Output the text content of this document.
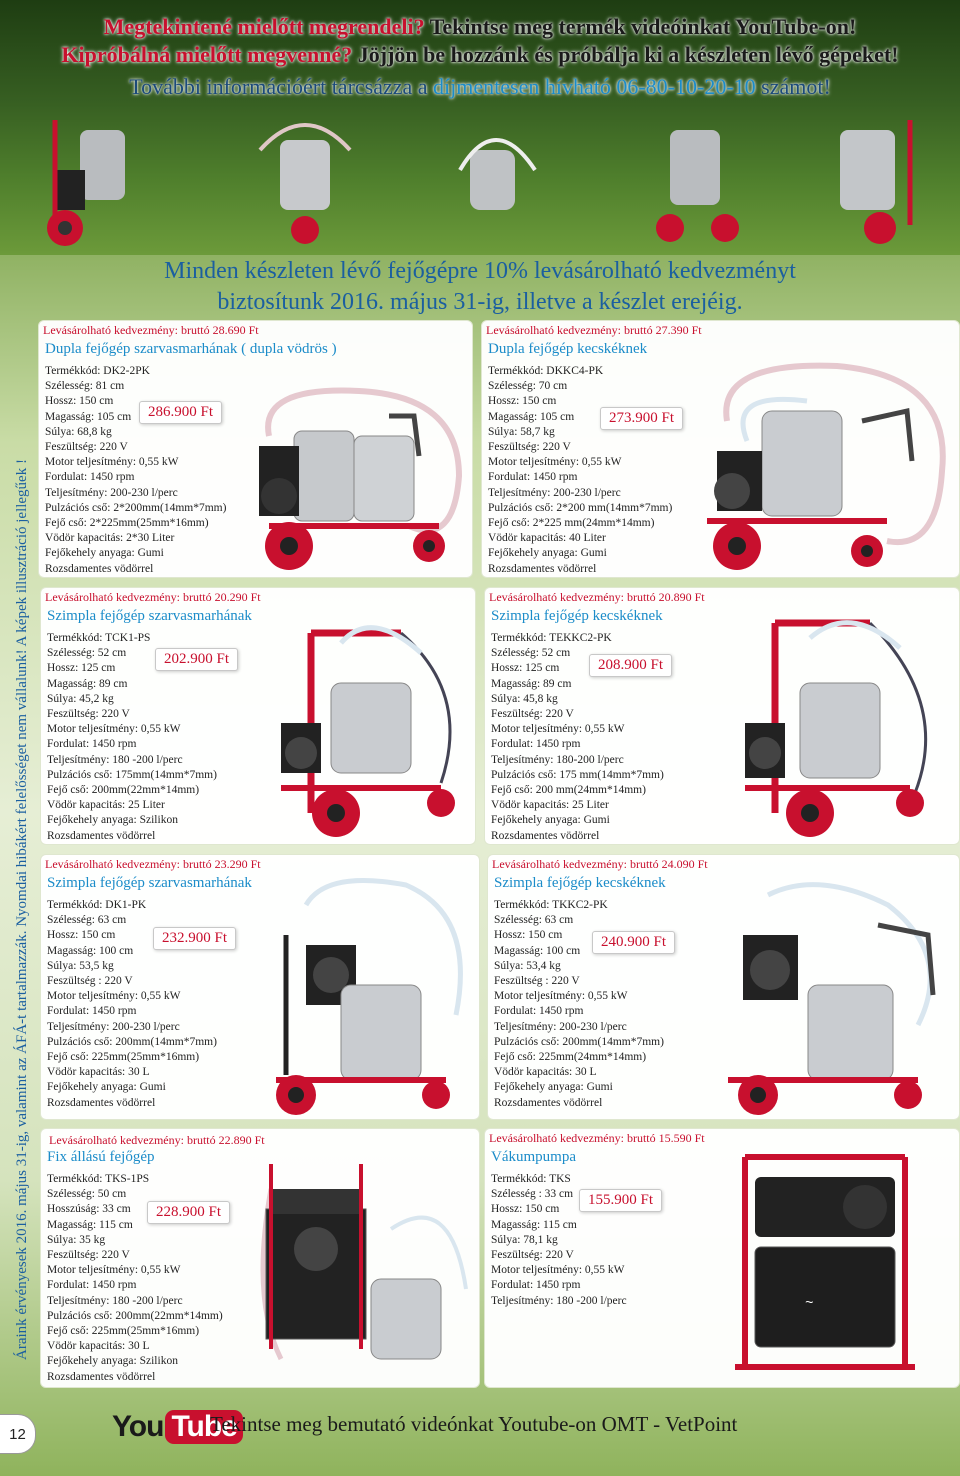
Megtekintené mielőtt megrendeli? Tekintse meg termék videóinkat YouTube-on!
Kipróbálná mielőtt megvenné? Jöjjön be hozzánk és próbálja ki a készleten lévő gépeket!
További információért tárcsázza a díjmentesen hívható 06-80-10-20-10 számot!
Minden készleten lévő fejőgépre 10% levásárolható kedvezményt
biztosítunk 2016. május 31-ig, illetve a készlet erejéig.
Áraink érvényesek 2016. május 31-ig, valamint az ÁFÁ-t tartalmazzák. Nyomdai hibákért felelősséget nem vállalunk! A képek illusztráció jellegűek !
Levásárolható kedvezmény: bruttó 28.690 Ft
Dupla fejőgép szarvasmarhának ( dupla vödrös )
Termékkód: DK2-2PK
Szélesség: 81 cm
Hossz: 150 cm
Magasság: 105 cm
Súlya: 68,8 kg
Feszültség: 220 V
Motor teljesítmény: 0,55 kW
Fordulat: 1450 rpm
Teljesítmény: 200-230 l/perc
Pulzációs cső: 2*200mm(14mm*7mm)
Fejő cső: 2*225mm(25mm*16mm)
Vödör kapacitás: 2*30 Liter
Fejőkehely anyaga: Gumi
Rozsdamentes vödörrel
286.900 Ft
Levásárolható kedvezmény: bruttó 27.390 Ft
Dupla fejőgép kecskéknek
Termékkód: DKKC4-PK
Szélesség: 70 cm
Hossz: 150 cm
Magasság: 105 cm
Súlya: 58,7 kg
Feszültség: 220 V
Motor teljesítmény: 0,55 kW
Fordulat: 1450 rpm
Teljesítmény: 200-230 l/perc
Pulzációs cső: 2*200 mm(14mm*7mm)
Fejő cső: 2*225 mm(24mm*14mm)
Vödör kapacitás: 40 Liter
Fejőkehely anyaga: Gumi
Rozsdamentes vödörrel
273.900 Ft
Levásárolható kedvezmény: bruttó 20.290 Ft
Szimpla fejőgép szarvasmarhának
Termékkód: TCK1-PS
Szélesség: 52 cm
Hossz: 125 cm
Magasság: 89 cm
Súlya: 45,2 kg
Feszültség: 220 V
Motor teljesítmény: 0,55 kW
Fordulat: 1450 rpm
Teljesítmény: 180 -200 l/perc
Pulzációs cső: 175mm(14mm*7mm)
Fejő cső: 200mm(22mm*14mm)
Vödör kapacitás: 25 Liter
Fejőkehely anyaga: Szilikon
Rozsdamentes vödörrel
202.900 Ft
Levásárolható kedvezmény: bruttó 20.890 Ft
Szimpla fejőgép kecskéknek
Termékkód: TEKKC2-PK
Szélesség: 52 cm
Hossz: 125 cm
Magasság: 89 cm
Súlya: 45,8 kg
Feszültség: 220 V
Motor teljesítmény: 0,55 kW
Fordulat: 1450 rpm
Teljesítmény: 180-200 l/perc
Pulzációs cső: 175 mm(14mm*7mm)
Fejő cső: 200 mm(24mm*14mm)
Vödör kapacitás: 25 Liter
Fejőkehely anyaga: Gumi
Rozsdamentes vödörrel
208.900 Ft
Levásárolható kedvezmény: bruttó 23.290 Ft
Szimpla fejőgép szarvasmarhának
Termékkód: DK1-PK
Szélesség: 63 cm
Hossz: 150 cm
Magasság: 100 cm
Súlya: 53,5 kg
Feszültség : 220 V
Motor teljesítmény: 0,55 kW
Fordulat: 1450 rpm
Teljesítmény: 200-230 l/perc
Pulzációs cső: 200mm(14mm*7mm)
Fejő cső: 225mm(25mm*16mm)
Vödör kapacitás: 30 L
Fejőkehely anyaga: Gumi
Rozsdamentes vödörrel
232.900 Ft
Levásárolható kedvezmény: bruttó 24.090 Ft
Szimpla fejőgép kecskéknek
Termékkód: TKKC2-PK
Szélesség: 63 cm
Hossz: 150 cm
Magasság: 100 cm
Súlya: 53,4 kg
Feszültség : 220 V
Motor teljesítmény: 0,55 kW
Fordulat: 1450 rpm
Teljesítmény: 200-230 l/perc
Pulzációs cső: 200mm(14mm*7mm)
Fejő cső: 225mm(24mm*14mm)
Vödör kapacitás: 30 L
Fejőkehely anyaga: Gumi
Rozsdamentes vödörrel
240.900 Ft
Levásárolható kedvezmény: bruttó 22.890 Ft
Fix állású fejőgép
Termékkód: TKS-1PS
Szélesség: 50 cm
Hosszúság: 33 cm
Magasság: 115 cm
Súlya: 35 kg
Feszültség: 220 V
Motor teljesítmény: 0,55 kW
Fordulat: 1450 rpm
Teljesítmény: 180 -200 l/perc
Pulzációs cső: 200mm(22mm*14mm)
Fejő cső: 225mm(25mm*16mm)
Vödör kapacitás: 30 L
Fejőkehely anyaga: Szilikon
Rozsdamentes vödörrel
228.900 Ft
Levásárolható kedvezmény: bruttó 15.590 Ft
Vákumpumpa
Termékkód: TKS
Szélesség : 33 cm
Hossz: 150 cm
Magasság: 115 cm
Súlya: 78,1 kg
Feszültség: 220 V
Motor teljesítmény: 0,55 kW
Fordulat: 1450 rpm
Teljesítmény: 180 -200 l/perc
155.900 Ft
~
12	You Tube
Tekintse meg bemutató videónkat Youtube-on OMT - VetPoint
